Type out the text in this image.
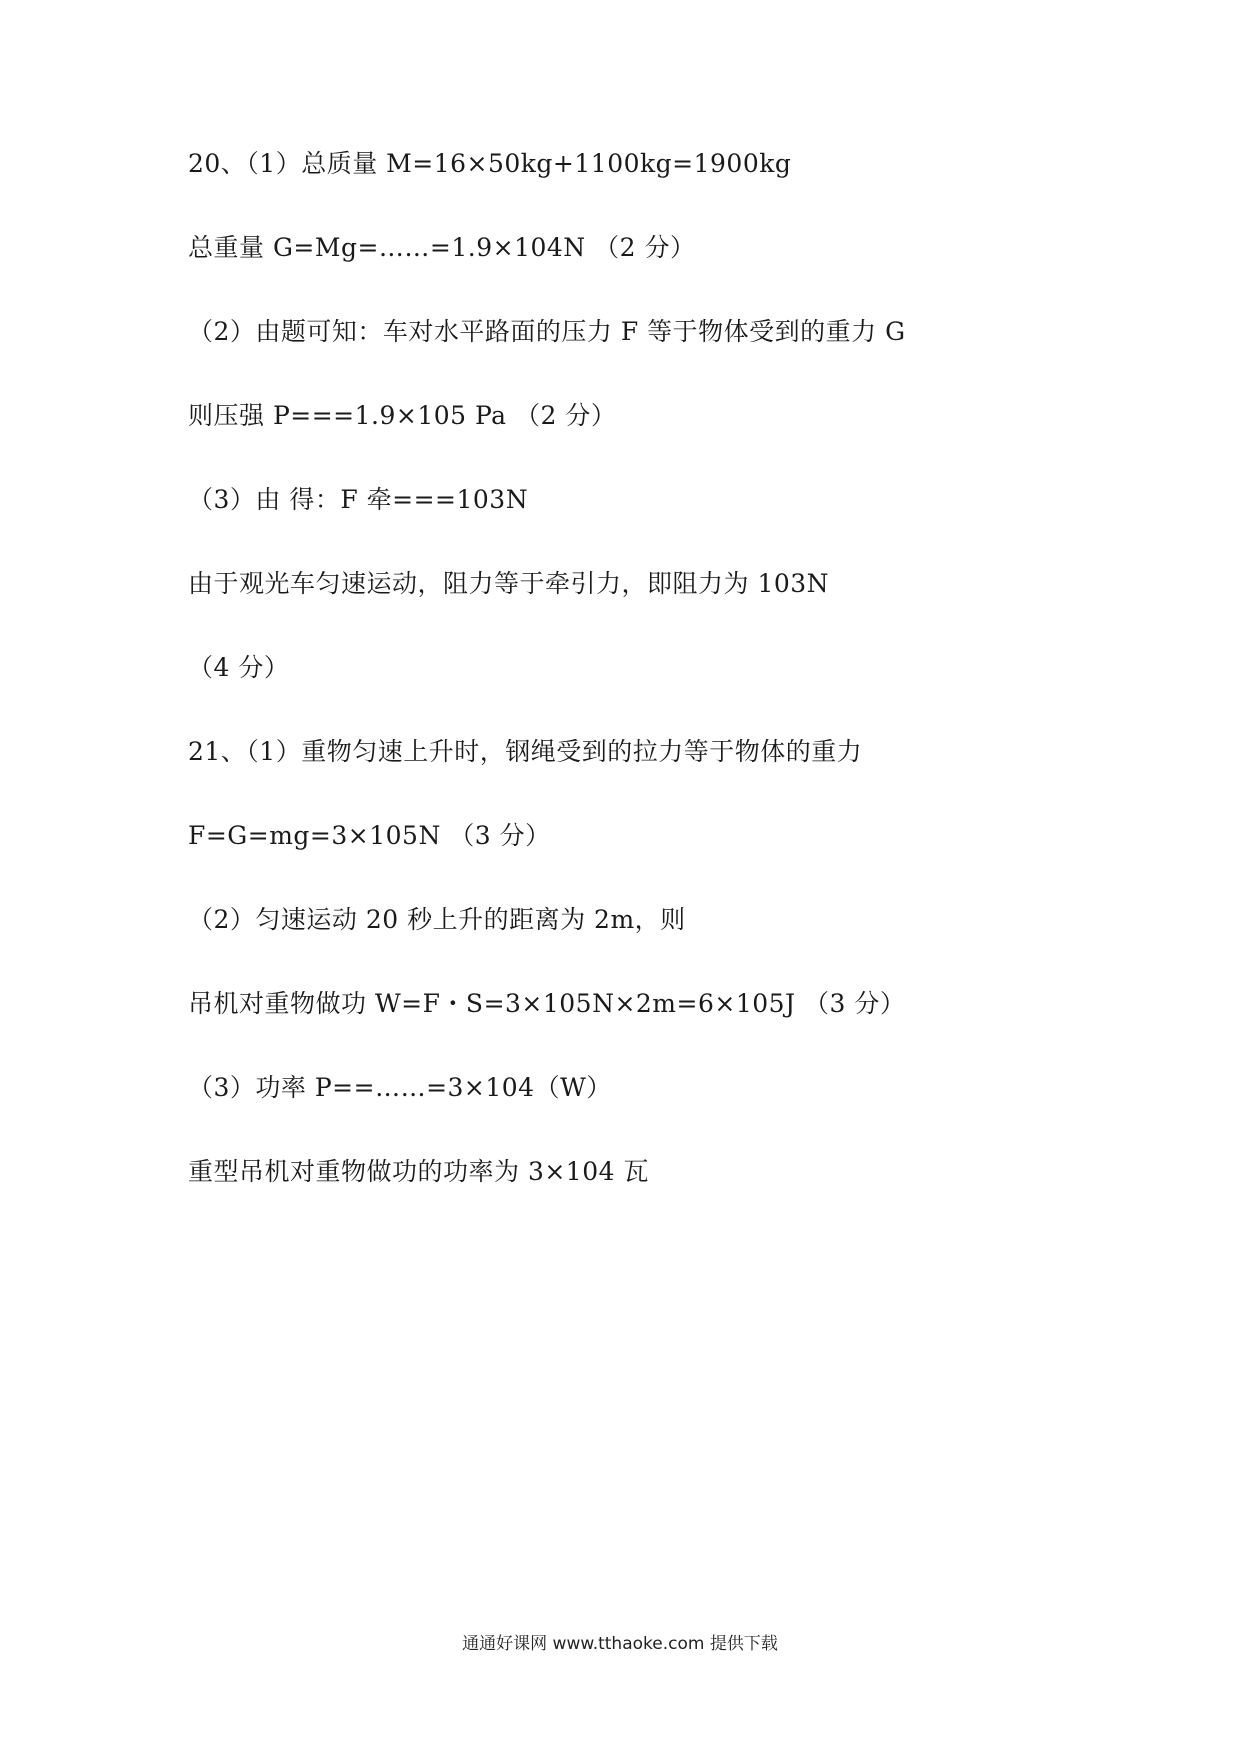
20、（1）总质量 M=16×50kg+1100kg=1900kg
总重量 G=Mg=……=1.9×104N （2 分）
（2）由题可知：车对水平路面的压力 F 等于物体受到的重力 G
则压强 P===1.9×105 Pa （2 分）
（3）由 得：F 牵===103N
由于观光车匀速运动，阻力等于牵引力，即阻力为 103N
（4 分）
21、（1）重物匀速上升时，钢绳受到的拉力等于物体的重力
F=G=mg=3×105N （3 分）
（2）匀速运动 20 秒上升的距离为 2m，则
吊机对重物做功 W=F・S=3×105N×2m=6×105J （3 分）
（3）功率 P==……=3×104（W）
重型吊机对重物做功的功率为 3×104 瓦
通通好课网 www.tthaoke.com 提供下载
